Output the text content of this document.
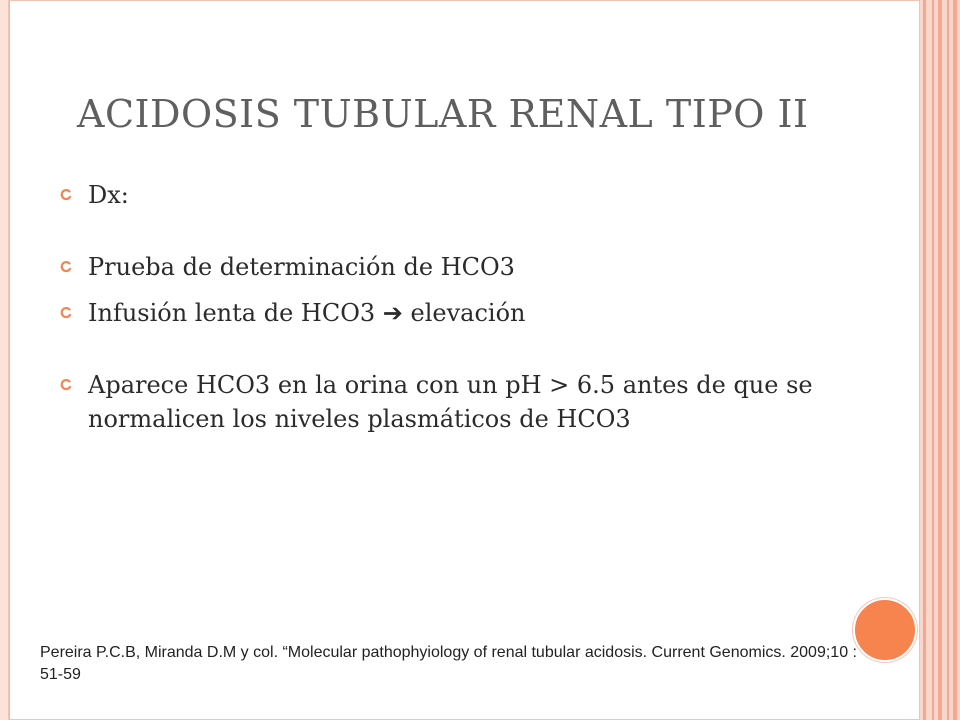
ACIDOSIS TUBULAR RENAL TIPO II
Dx:
Prueba de determinación de HCO3
Infusión lenta de HCO3 ➔ elevación
Aparece HCO3 en la orina con un pH > 6.5 antes de que se normalicen los niveles plasmáticos de HCO3
Pereira P.C.B, Miranda D.M y col. “Molecular pathophyiology of renal tubular acidosis. Current Genomics. 2009;10 : 51-59
